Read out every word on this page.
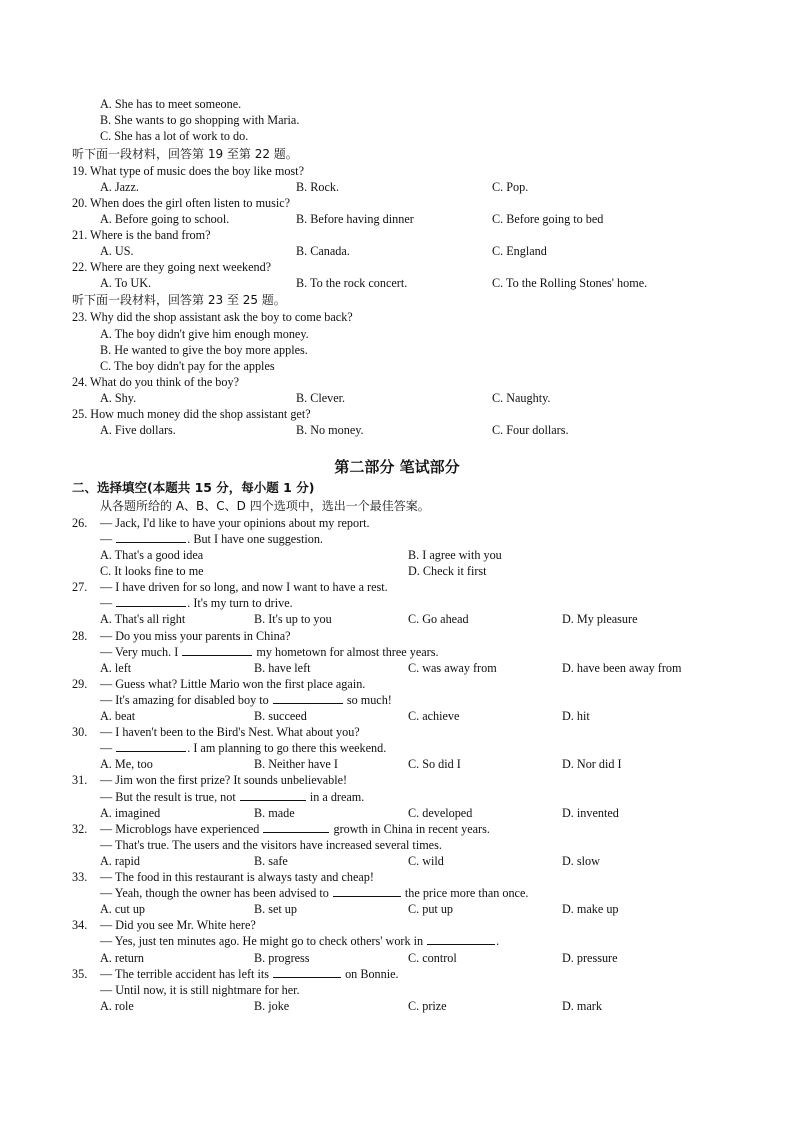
A. She has to meet someone.
B. She wants to go shopping with Maria.
C. She has a lot of work to do.
听下面一段材料，回答第 19 至第 22 题。
19. What type of music does the boy like most?
A. Jazz.	B. Rock.	C. Pop.
20. When does the girl often listen to music?
A. Before going to school.	B. Before having dinner	C. Before going to bed
21. Where is the band from?
A. US.	B. Canada.	C. England
22. Where are they going next weekend?
A. To UK.	B. To the rock concert.	C. To the Rolling Stones' home.
听下面一段材料，回答第 23 至 25 题。
23. Why did the shop assistant ask the boy to come back?
A. The boy didn't give him enough money.
B. He wanted to give the boy more apples.
C. The boy didn't pay for the apples
24. What do you think of the boy?
A. Shy.	B. Clever.	C. Naughty.
25. How much money did the shop assistant get?
A. Five dollars.	B. No money.	C. Four dollars.
第二部分 笔试部分
二、选择填空(本题共 15 分，每小题 1 分)
从各题所给的 A、B、C、D 四个选项中，选出一个最佳答案。
26. — Jack, I'd like to have your opinions about my report.
—	. But I have one suggestion.
A. That's a good idea	B. I agree with you
C. It looks fine to me	D. Check it first
27. — I have driven for so long, and now I want to have a rest.
—	. It's my turn to drive.
A. That's all right	B. It's up to you	C. Go ahead	D. My pleasure
28. — Do you miss your parents in China?
— Very much. I	my hometown for almost three years.
A. left	B. have left	C. was away from	D. have been away from
29. — Guess what? Little Mario won the first place again.
— It's amazing for disabled boy to	so much!
A. beat	B. succeed	C. achieve	D. hit
30. — I haven't been to the Bird's Nest. What about you?
—	. I am planning to go there this weekend.
A. Me, too	B. Neither have I	C. So did I	D. Nor did I
31. — Jim won the first prize? It sounds unbelievable!
— But the result is true, not	in a dream.
A. imagined	B. made	C. developed	D. invented
32. — Microblogs have experienced	growth in China in recent years.
— That's true. The users and the visitors have increased several times.
A. rapid	B. safe	C. wild	D. slow
33. — The food in this restaurant is always tasty and cheap!
— Yeah, though the owner has been advised to	the price more than once.
A. cut up	B. set up	C. put up	D. make up
34. — Did you see Mr. White here?
— Yes, just ten minutes ago. He might go to check others' work in	.
A. return	B. progress	C. control	D. pressure
35. — The terrible accident has left its	on Bonnie.
— Until now, it is still nightmare for her.
A. role	B. joke	C. prize	D. mark
